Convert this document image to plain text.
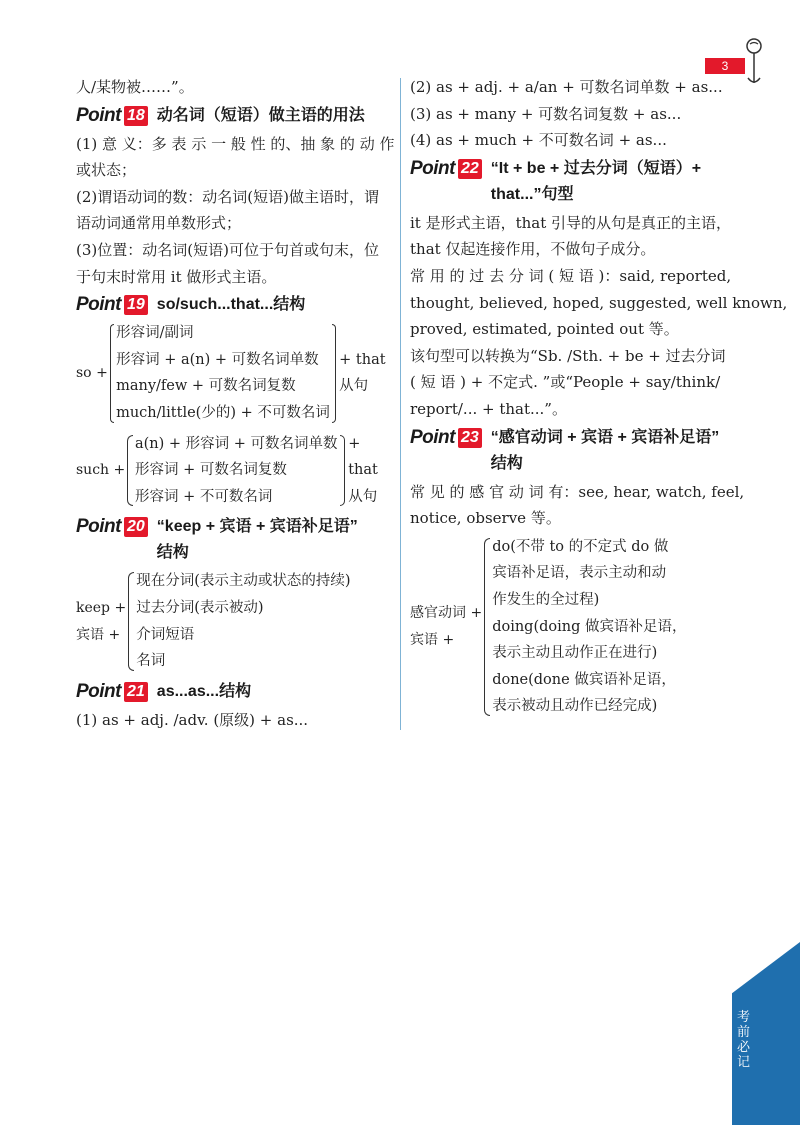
3
人/某物被……”。
Point 18 动名词（短语）做主语的用法
(1) 意 义：多 表 示 一 般 性 的、抽 象 的 动 作
或状态；
(2)谓语动词的数：动名词(短语)做主语时，谓
语动词通常用单数形式；
(3)位置：动名词(短语)可位于句首或句末，位
于句末时常用 it 做形式主语。
Point 19 so/such...that...结构
so +
形容词/副词
形容词 + a(n) + 可数名词单数
many/few + 可数名词复数
much/little(少的) + 不可数名词
+ that 从句
such +
a(n) + 形容词 + 可数名词单数
形容词 + 可数名词复数
形容词 + 不可数名词
+ that
从句
Point 20 “keep + 宾语 + 宾语补足语”
结构
keep +
宾语 +
现在分词(表示主动或状态的持续)
过去分词(表示被动)
介词短语
名词
Point 21 as...as...结构
(1) as + adj. /adv. (原级) + as...
(2) as + adj. + a/an + 可数名词单数 + as...
(3) as + many + 可数名词复数 + as...
(4) as + much + 不可数名词 + as...
Point 22 “It + be + 过去分词（短语）+
that...”句型
it 是形式主语，that 引导的从句是真正的主语，
that 仅起连接作用，不做句子成分。
常 用 的 过 去 分 词 ( 短 语 )：said, reported,
thought, believed, hoped, suggested, well known,
proved, estimated, pointed out 等。
该句型可以转换为“Sb. /Sth. + be + 过去分词
( 短 语 ) + 不定式. ”或“People + say/think/
report/... + that...”。
Point 23 “感官动词 + 宾语 + 宾语补足语”
结构
常 见 的 感 官 动 词 有：see, hear, watch, feel,
notice, observe 等。
感官动词 +
宾语 +
do(不带 to 的不定式 do 做
宾语补足语，表示主动和动
作发生的全过程)
doing(doing 做宾语补足语，
表示主动且动作正在进行)
done(done 做宾语补足语，
表示被动且动作已经完成)
考前必记
